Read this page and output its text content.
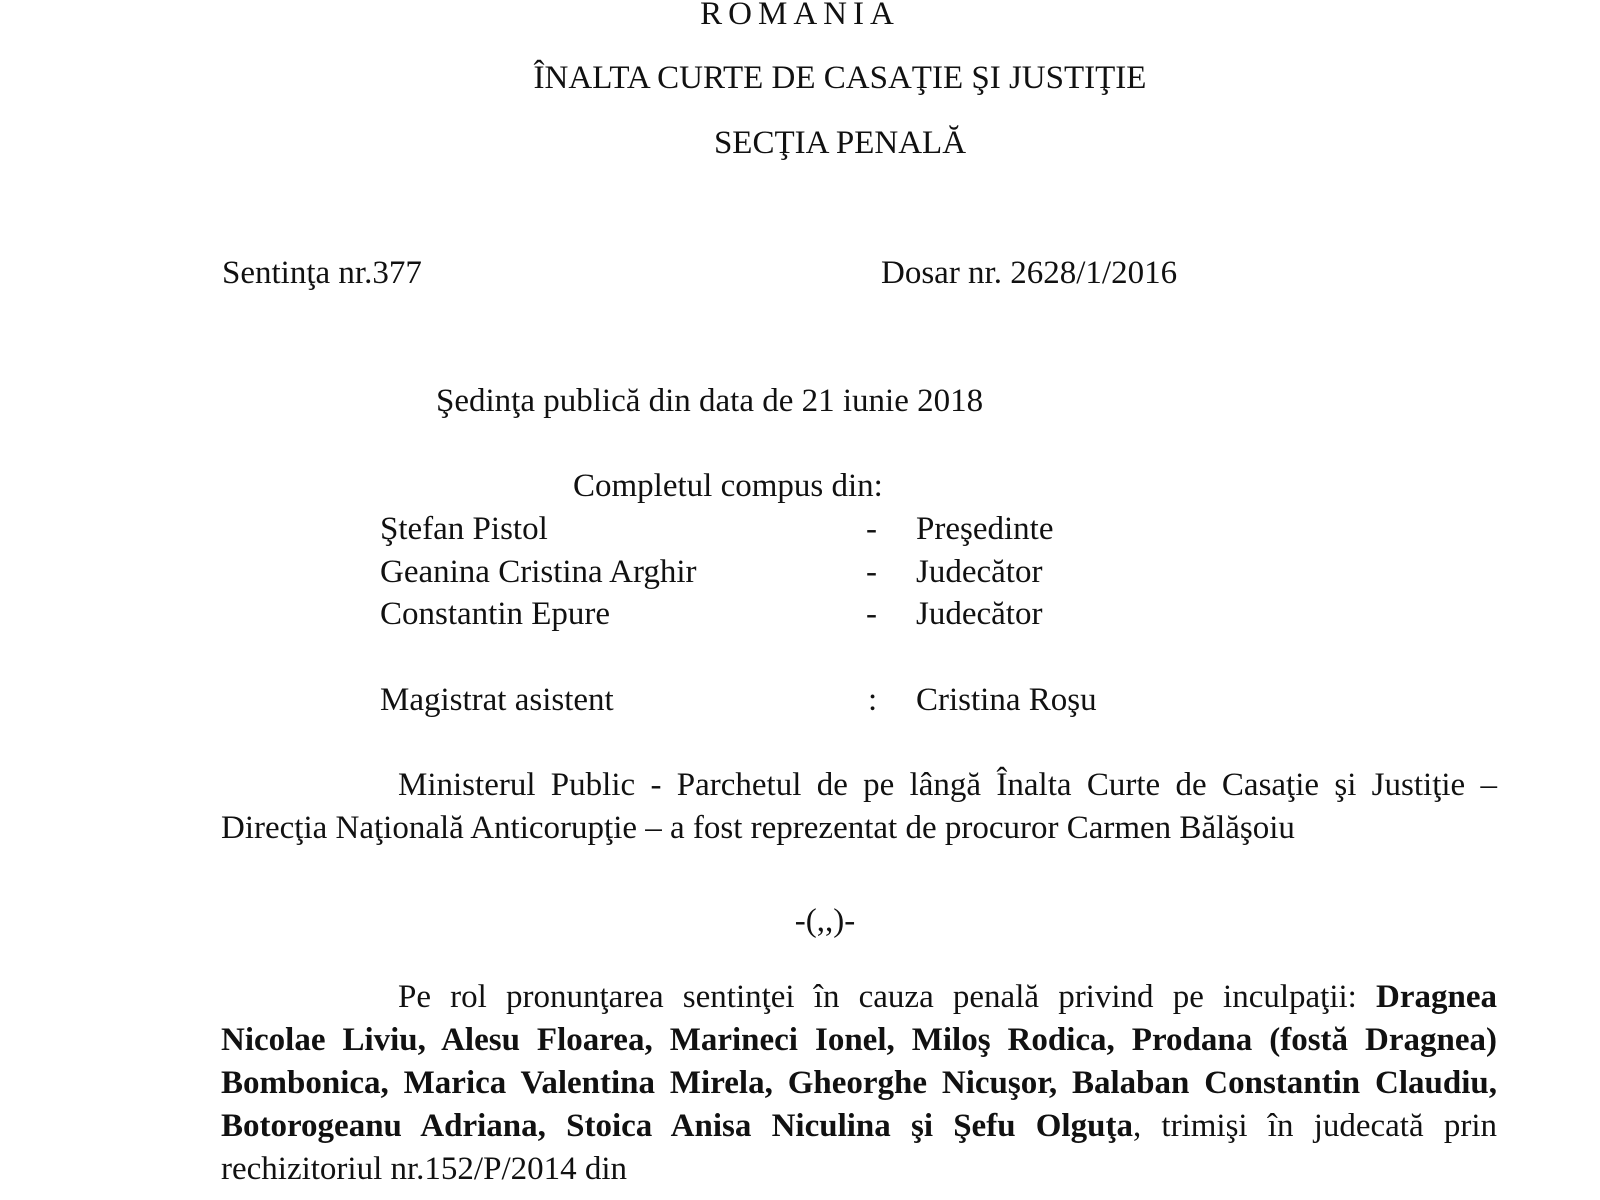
ROMANIA
ÎNALTA CURTE DE CASAŢIE ŞI JUSTIŢIE
SECŢIA PENALĂ
Sentinţa nr.377	Dosar nr. 2628/1/2016
Şedinţa publică din data de 21 iunie 2018
Completul compus din:
Ştefan Pistol	- Preşedinte
Geanina Cristina Arghir	- Judecător
Constantin Epure	- Judecător
Magistrat asistent	: Cristina Roşu
Ministerul Public - Parchetul de pe lângă Înalta Curte de Casaţie şi Justiţie – Direcţia Naţională Anticorupţie – a fost reprezentat de procuror Carmen Bălăşoiu
-(,,)-
Pe rol pronunţarea sentinţei în cauza penală privind pe inculpaţii: Dragnea Nicolae Liviu, Alesu Floarea, Marineci Ionel, Miloş Rodica, Prodana (fostă Dragnea) Bombonica, Marica Valentina Mirela, Gheorghe Nicuşor, Balaban Constantin Claudiu, Botorogeanu Adriana, Stoica Anisa Niculina şi Şefu Olguţa, trimişi în judecată prin rechizitoriul nr.152/P/2014 din
